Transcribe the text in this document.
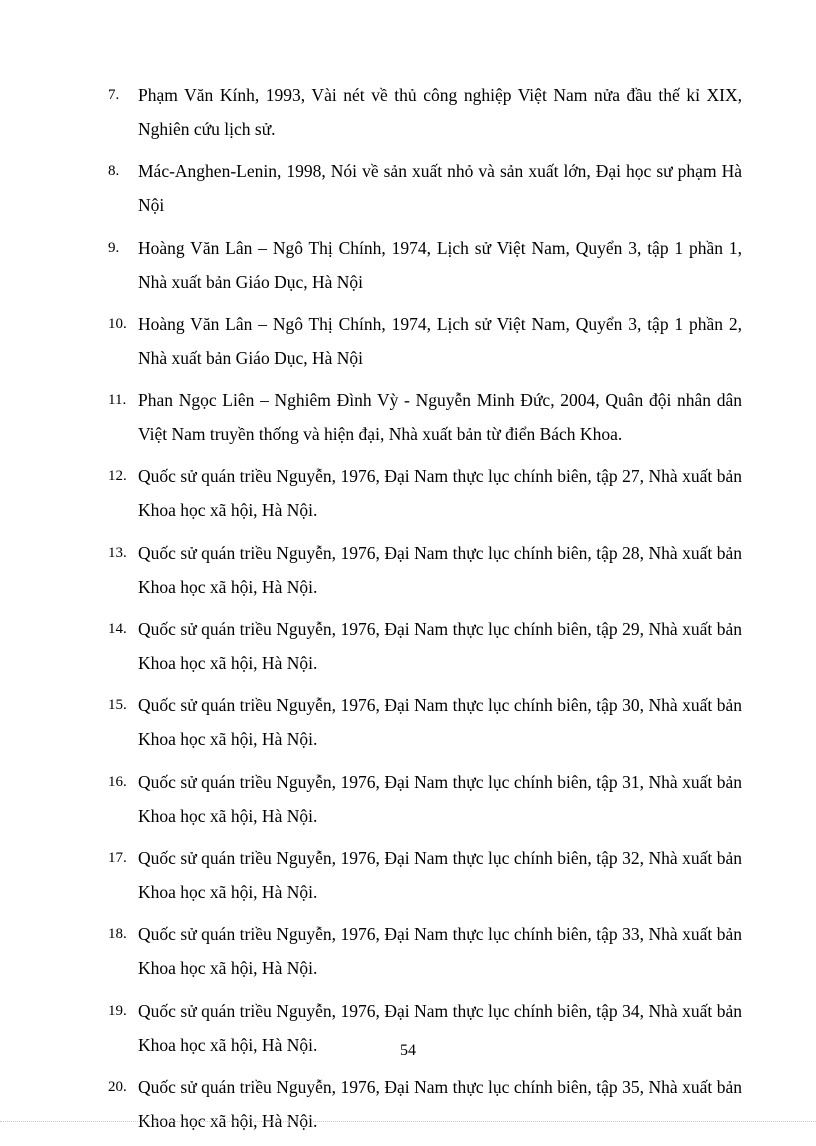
7.	Phạm Văn Kính, 1993, Vài nét về thủ công nghiệp Việt Nam nửa đầu thế kỉ XIX, Nghiên cứu lịch sử.
8.	Mác-Anghen-Lenin, 1998, Nói về sản xuất nhỏ và sản xuất lớn, Đại học sư phạm Hà Nội
9.	Hoàng Văn Lân – Ngô Thị Chính, 1974, Lịch sử Việt Nam, Quyển 3, tập 1 phần 1, Nhà xuất bản Giáo Dục, Hà Nội
10. Hoàng Văn Lân – Ngô Thị Chính, 1974, Lịch sử Việt Nam, Quyển 3, tập 1 phần 2, Nhà xuất bản Giáo Dục, Hà Nội
11. Phan Ngọc Liên – Nghiêm Đình Vỳ - Nguyễn Minh Đức, 2004, Quân đội nhân dân Việt Nam truyền thống và hiện đại, Nhà xuất bản từ điển Bách Khoa.
12. Quốc sử quán triều Nguyễn, 1976, Đại Nam thực lục chính biên, tập 27, Nhà xuất bản Khoa học xã hội, Hà Nội.
13. Quốc sử quán triều Nguyễn, 1976, Đại Nam thực lục chính biên, tập 28, Nhà xuất bản Khoa học xã hội, Hà Nội.
14. Quốc sử quán triều Nguyễn, 1976, Đại Nam thực lục chính biên, tập 29, Nhà xuất bản Khoa học xã hội, Hà Nội.
15. Quốc sử quán triều Nguyễn, 1976, Đại Nam thực lục chính biên, tập 30, Nhà xuất bản Khoa học xã hội, Hà Nội.
16. Quốc sử quán triều Nguyễn, 1976, Đại Nam thực lục chính biên, tập 31, Nhà xuất bản Khoa học xã hội, Hà Nội.
17. Quốc sử quán triều Nguyễn, 1976, Đại Nam thực lục chính biên, tập 32, Nhà xuất bản Khoa học xã hội, Hà Nội.
18. Quốc sử quán triều Nguyễn, 1976, Đại Nam thực lục chính biên, tập 33, Nhà xuất bản Khoa học xã hội, Hà Nội.
19. Quốc sử quán triều Nguyễn, 1976, Đại Nam thực lục chính biên, tập 34, Nhà xuất bản Khoa học xã hội, Hà Nội.
20. Quốc sử quán triều Nguyễn, 1976, Đại Nam thực lục chính biên, tập 35, Nhà xuất bản Khoa học xã hội, Hà Nội.
54
